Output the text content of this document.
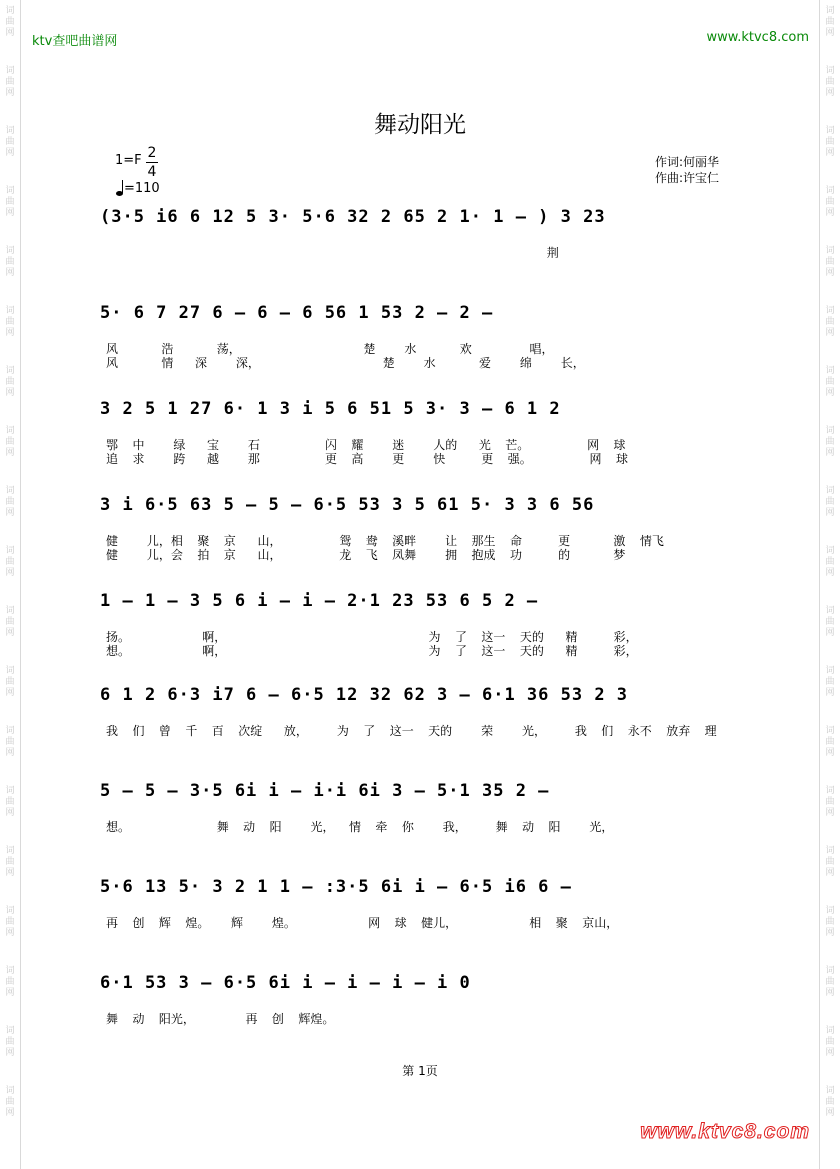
词
曲
网
词
曲
网
词
曲
网
词
曲
网
词
曲
网
词
曲
网
词
曲
网
词
曲
网
词
曲
网
词
曲
网
词
曲
网
词
曲
网
词
曲
网
词
曲
网
词
曲
网
词
曲
网
词
曲
网
词
曲
网
词
曲
网
词
曲
网
词
曲
网
词
曲
网
词
曲
网
词
曲
网
词
曲
网
词
曲
网
词
曲
网
词
曲
网
词
曲
网
词
曲
网
词
曲
网
词
曲
网
词
曲
网
词
曲
网
词
曲
网
词
曲
网
词
曲
网
词
曲
网
ktv查吧曲谱网	www.ktvc8.com
舞动阳光
1=F 2
4
=110
作词:何丽华
作曲:许宝仁
(3·5 i6 6 12 5 3· 5·6 32 2 65 2 1· 1 – ) 3 23
荆
5· 6 7 27 6 – 6 – 6 56 1 53 2 – 2 –
风      浩      荡，                 楚    水      欢        唱，
风      情   深    深，                 楚    水      爱    绵    长，
3 2 5 1 27 6· 1 3 i 5 6 51 5 3· 3 – 6 1 2
鄂  中    绿   宝    石         闪  耀    迷    人的   光  芒。        网  球
追  求    跨   越    那         更  高    更    快     更  强。        网  球
3 i 6·5 63 5 – 5 – 6·5 53 3 5 61 5· 3 3 6 56
健    儿，相  聚  京   山，        鸳  鸯  溪畔    让  那生  命     更      激  情飞
健    儿，会  拍  京   山，        龙  飞  凤舞    拥  抱成  功     的      梦
1 – 1 – 3 5 6 i – i – 2·1 23 53 6 5 2 –
扬。          啊，                            为  了  这一  天的   精     彩，
想。          啊，                            为  了  这一  天的   精     彩，
6 1 2 6·3 i7 6 – 6·5 12 32 62 3 – 6·1 36 53 2 3
我  们  曾  千  百  次绽   放，    为  了  这一  天的    荣    光，    我  们  永不  放弃  理
5 – 5 – 3·5 6i i – i·i 6i 3 – 5·1 35 2 –
想。            舞  动  阳    光，  情  牵  你    我，    舞  动  阳    光，
5·6 13 5· 3 2 1 1 – :3·5 6i i – 6·5 i6 6 –
再  创  辉  煌。   辉    煌。          网  球  健儿，          相  聚  京山，
6·1 53 3 – 6·5 6i i – i – i – i 0
舞  动  阳光，       再  创  辉煌。
第 1页
www.ktvc8.com
